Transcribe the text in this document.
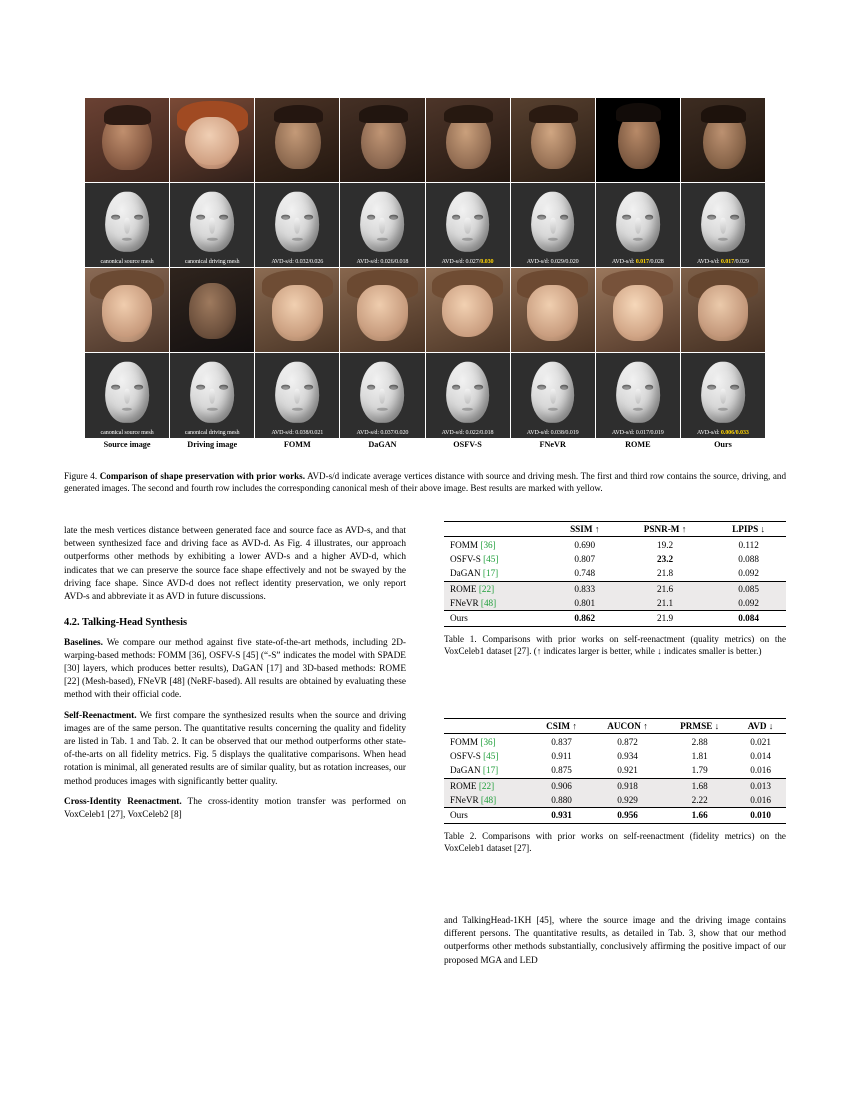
canonical source mesh	canonical driving mesh	AVD-s/d: 0.032/0.026	AVD-s/d: 0.026/0.018	AVD-s/d: 0.027/0.030	AVD-s/d: 0.029/0.020	AVD-s/d: 0.017/0.028	AVD-s/d: 0.017/0.029
canonical source mesh	canonical driving mesh	AVD-s/d: 0.038/0.021	AVD-s/d: 0.037/0.020	AVD-s/d: 0.022/0.018	AVD-s/d: 0.038/0.019	AVD-s/d: 0.017/0.019	AVD-s/d: 0.006/0.033
Source image	Driving image	FOMM	DaGAN	OSFV-S	FNeVR	ROME	Ours
Figure 4. Comparison of shape preservation with prior works. AVD-s/d indicate average vertices distance with source and driving mesh. The first and third row contains the source, driving, and generated images. The second and fourth row includes the corresponding canonical mesh of their above image. Best results are marked with yellow.

late the mesh vertices distance between generated face and source face as AVD-s, and that between synthesized face and driving face as AVD-d. As Fig. 4 illustrates, our approach outperforms other methods by exhibiting a lower AVD-s and a higher AVD-d, which indicates that we can preserve the source face shape effectively and not be swayed by the driving face shape. Since AVD-d does not reflect identity preservation, we only report AVD-s and abbreviate it as AVD in future discussions.

4.2. Talking-Head Synthesis

Baselines. We compare our method against five state-of-the-art methods, including 2D-warping-based methods: FOMM [36], OSFV-S [45] (“-S” indicates the model with SPADE [30] layers, which produces better results), DaGAN [17] and 3D-based methods: ROME [22] (Mesh-based), FNeVR [48] (NeRF-based). All results are obtained by evaluating these method with their official code.

Self-Reenactment. We first compare the synthesized results when the source and driving images are of the same person. The quantitative results concerning the quality and fidelity are listed in Tab. 1 and Tab. 2. It can be observed that our method outperforms other state-of-the-arts on all fidelity metrics. Fig. 5 displays the qualitative comparisons. When head rotation is minimal, all generated results are of similar quality, but as rotation increases, our method produces images with significantly better quality.

Cross-Identity Reenactment. The cross-identity motion transfer was performed on VoxCeleb1 [27], VoxCeleb2 [8]

	SSIM ↑	PSNR-M ↑	LPIPS ↓
FOMM [36]	0.690	19.2	0.112
OSFV-S [45]	0.807	23.2	0.088
DaGAN [17]	0.748	21.8	0.092
ROME [22]	0.833	21.6	0.085
FNeVR [48]	0.801	21.1	0.092
Ours	0.862	21.9	0.084
Table 1. Comparisons with prior works on self-reenactment (quality metrics) on the VoxCeleb1 dataset [27]. (↑ indicates larger is better, while ↓ indicates smaller is better.)
	CSIM ↑	AUCON ↑	PRMSE ↓	AVD ↓
FOMM [36]	0.837	0.872	2.88	0.021
OSFV-S [45]	0.911	0.934	1.81	0.014
DaGAN [17]	0.875	0.921	1.79	0.016
ROME [22]	0.906	0.918	1.68	0.013
FNeVR [48]	0.880	0.929	2.22	0.016
Ours	0.931	0.956	1.66	0.010
Table 2. Comparisons with prior works on self-reenactment (fidelity metrics) on the VoxCeleb1 dataset [27].

and TalkingHead-1KH [45], where the source image and the driving image contains different persons. The quantitative results, as detailed in Tab. 3, show that our method outperforms other methods substantially, conclusively affirming the positive impact of our proposed MGA and LED
